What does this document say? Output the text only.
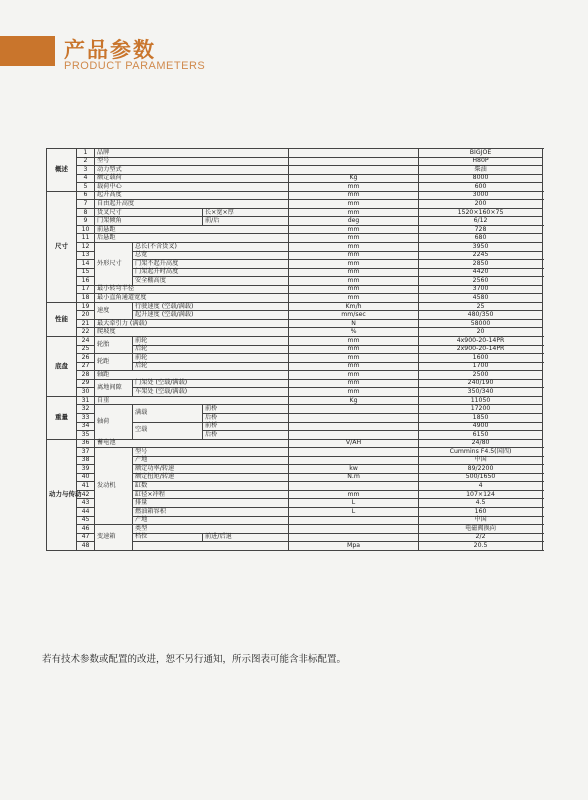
产品参数
PRODUCT PARAMETERS
概述	1	品牌				BIGJOE	
	2	型号				H80P	
	3	动力型式				柴油	
	4	额定载荷			Kg	8000	
	5	载荷中心			mm	600	
尺寸	6	起升高度			mm	3000	
	7	自由起升高度			mm	200	
	8	货叉尺寸		长×宽×厚	mm	1520×160×75	
	9	门架倾角		前/后	deg	6/12	
	10	前悬距			mm	728	
	11	后悬距			mm	680	
	12	外形尺寸	总长(不含货叉)		mm	3950	
	13		总宽		mm	2245	
	14		门架不起升高度		mm	2850	
	15		门架起升时高度		mm	4420	
	16		安全棚高度		mm	2560	
	17	最小转弯半径			mm	3700	
	18	最小直角通道宽度			mm	4580	
性能	19	速度	行驶速度 (空载/满载)		Km/h	25	
	20		起升速度 (空载/满载)		mm/sec	480/350	
	21	最大牵引力 (满载)			N	58000	
	22	爬坡度			%	20	
底盘	24	轮胎	前轮		mm	4x900-20-14PR	
	25		后轮		mm	2x900-20-14PR	
	26	轮距	前轮		mm	1600	
	27		后轮		mm	1700	
	28	轴距			mm	2500	
	29	离地间隙	门架处 (空载/满载)		mm	240/190	
	30		车架处 (空载/满载)		mm	350/340	
重量	31	自重			Kg	11050	
	32	轴荷	满载	前桥		17200	
	33			后桥		1850	
	34		空载	前桥		4900	
	35			后桥		6150	
动力与传动	36	蓄电池			V/AH	24/80	
	37	发动机	型号			Cummins F4.5(国四)	
	38		产地			中国	
	39		额定功率/转速		kw	89/2200	
	40		额定扭矩/转速		N.m	500/1650	
	41		缸数			4	
	42		缸径×冲程		mm	107×124	
	43		排量		L	4.5	
	44		燃油箱容积		L	160	
	45		产地			中国	
	46	变速箱	类型			电磁阀换向	
	47		档位	前进/后退		2/2	
	48				Mpa	20.5	
若有技术参数或配置的改进，恕不另行通知，所示图表可能含非标配置。
